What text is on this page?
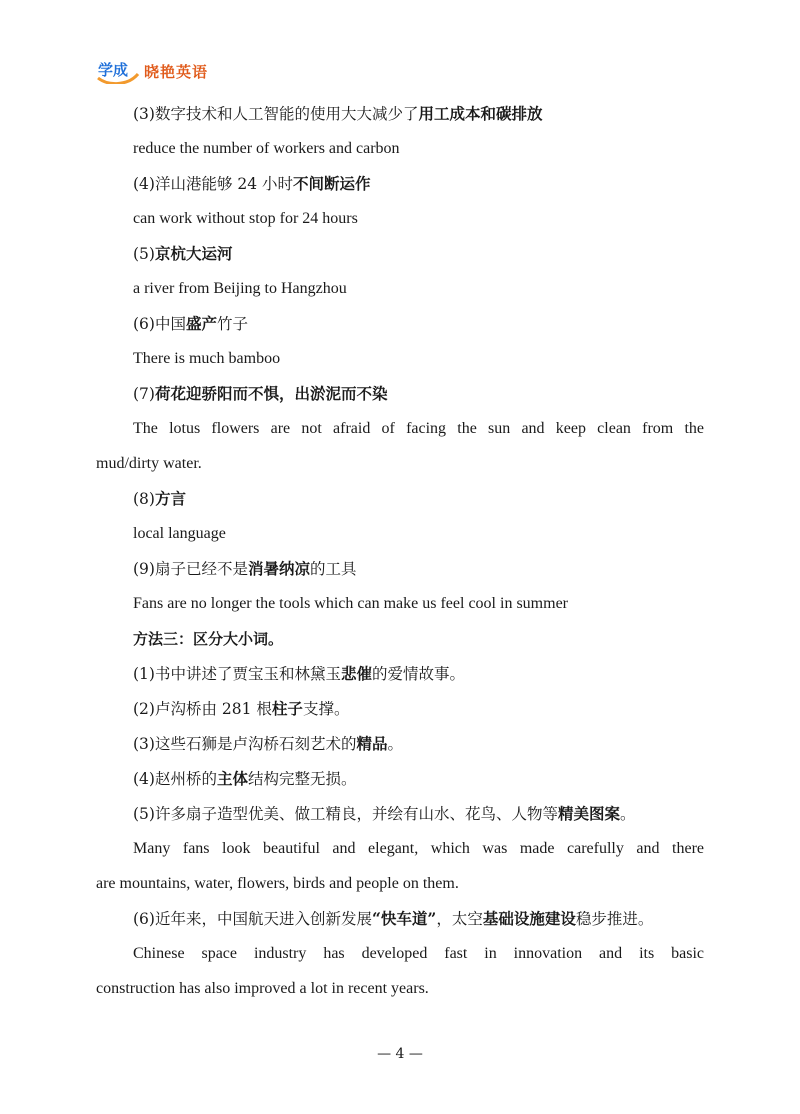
学成 晓艳英语
(3)数字技术和人工智能的使用大大减少了用工成本和碳排放
reduce the number of workers and carbon
(4)洋山港能够 24 小时不间断运作
can work without stop for 24 hours
(5)京杭大运河
a river from Beijing to Hangzhou
(6)中国盛产竹子
There is much bamboo
(7)荷花迎骄阳而不惧，出淤泥而不染
The lotus flowers are not afraid of facing the sun and keep clean from the
mud/dirty water.
(8)方言
local language
(9)扇子已经不是消暑纳凉的工具
Fans are no longer the tools which can make us feel cool in summer
方法三：区分大小词。
(1)书中讲述了贾宝玉和林黛玉悲催的爱情故事。
(2)卢沟桥由 281 根柱子支撑。
(3)这些石狮是卢沟桥石刻艺术的精品。
(4)赵州桥的主体结构完整无损。
(5)许多扇子造型优美、做工精良，并绘有山水、花鸟、人物等精美图案。
Many fans look beautiful and elegant, which was made carefully and there
are mountains, water, flowers, birds and people on them.
(6)近年来，中国航天进入创新发展“快车道”，太空基础设施建设稳步推进。
Chinese space industry has developed fast in innovation and its basic
construction has also improved a lot in recent years.
— 4 —
